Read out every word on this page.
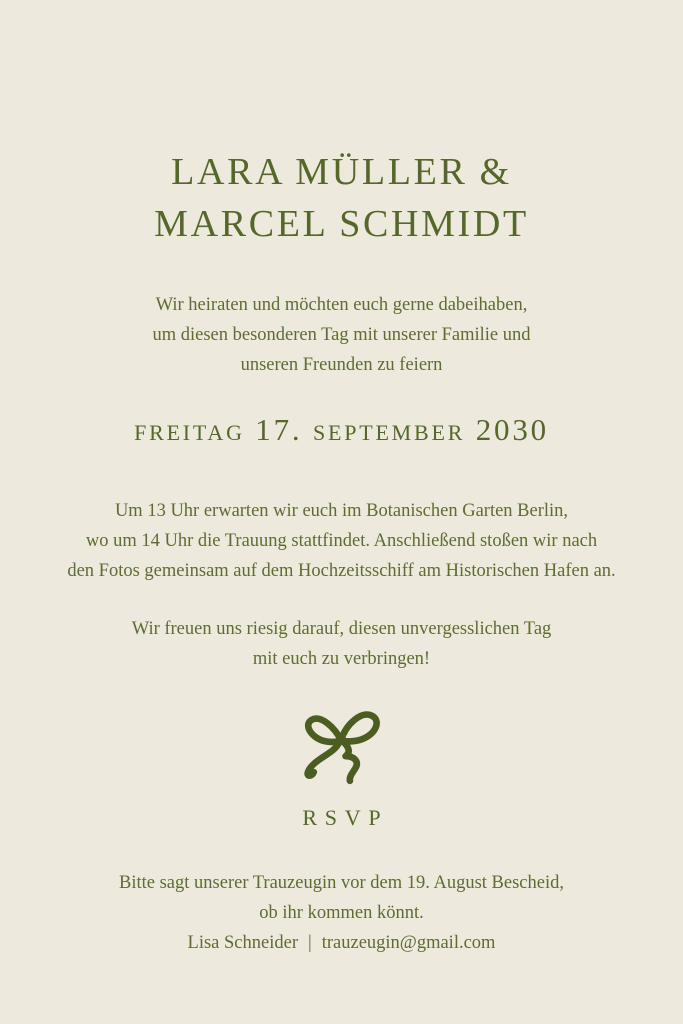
LARA MÜLLER &
MARCEL SCHMIDT
Wir heiraten und möchten euch gerne dabeihaben,
um diesen besonderen Tag mit unserer Familie und
unseren Freunden zu feiern
freitag 17. september 2030
Um 13 Uhr erwarten wir euch im Botanischen Garten Berlin,
wo um 14 Uhr die Trauung stattfindet. Anschließend stoßen wir nach
den Fotos gemeinsam auf dem Hochzeitsschiff am Historischen Hafen an.
Wir freuen uns riesig darauf, diesen unvergesslichen Tag
mit euch zu verbringen!
RSVP
Bitte sagt unserer Trauzeugin vor dem 19. August Bescheid,
ob ihr kommen könnt.
Lisa Schneider | trauzeugin@gmail.com
